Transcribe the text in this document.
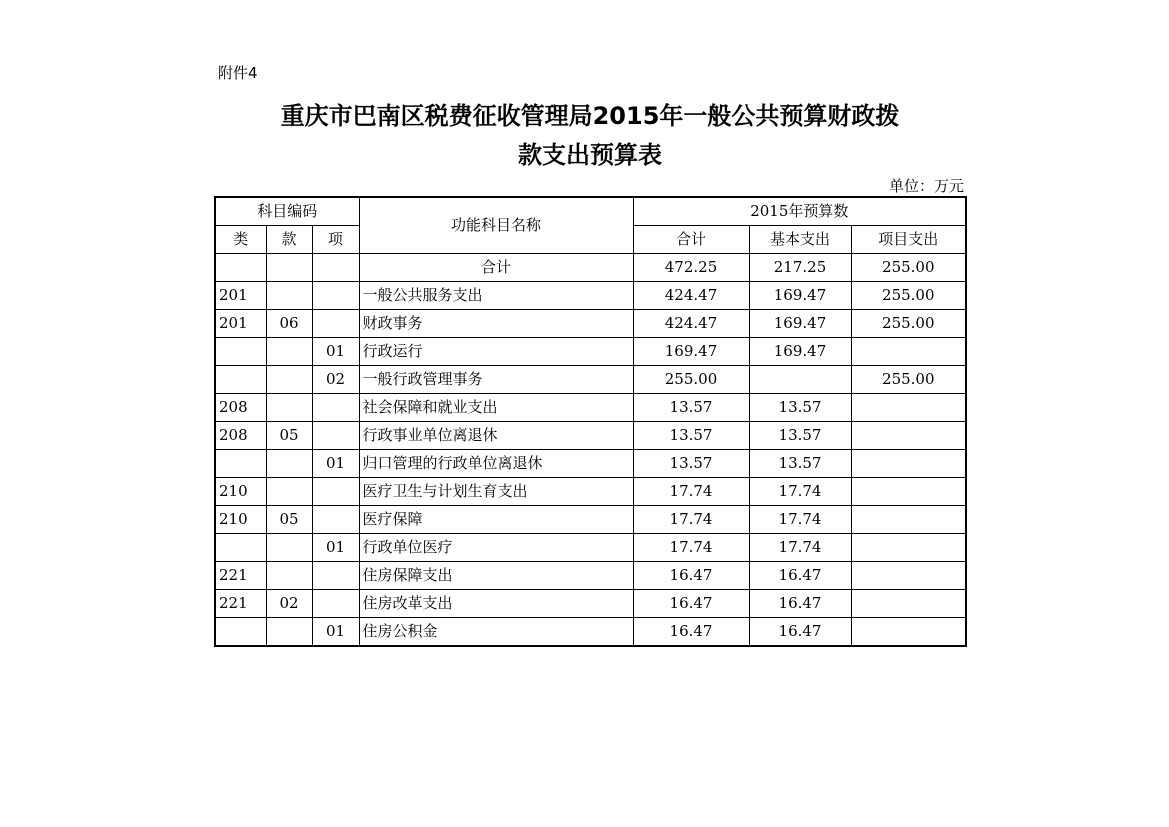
附件4
重庆市巴南区税费征收管理局2015年一般公共预算财政拨
款支出预算表
单位：万元
科目编码			功能科目名称	2015年预算数		
类	款	项		合计	基本支出	项目支出
			合计	472.25	217.25	255.00
201			一般公共服务支出	424.47	169.47	255.00
201	06		财政事务	424.47	169.47	255.00
		01	行政运行	169.47	169.47	
		02	一般行政管理事务	255.00		255.00
208			社会保障和就业支出	13.57	13.57	
208	05		行政事业单位离退休	13.57	13.57	
		01	归口管理的行政单位离退休	13.57	13.57	
210			医疗卫生与计划生育支出	17.74	17.74	
210	05		医疗保障	17.74	17.74	
		01	行政单位医疗	17.74	17.74	
221			住房保障支出	16.47	16.47	
221	02		住房改革支出	16.47	16.47	
		01	住房公积金	16.47	16.47	
